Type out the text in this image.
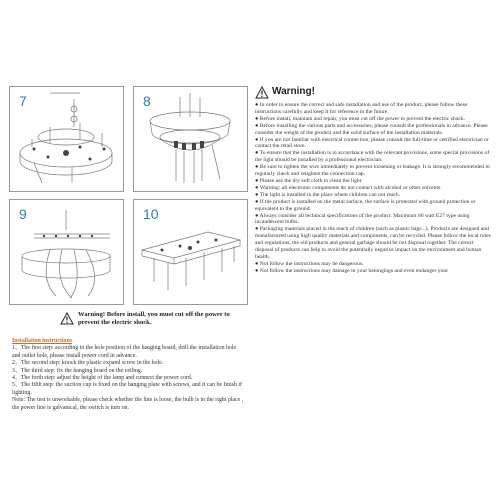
7	8
9	10
Warning! Before install, you must cut off the power to prevent the electric shock.
Installation instructions

1、The first step: according to the hole position of the hanging board, drill the installation hole and outlet hole, please install power cord in advance.

2、The second step: knock the plastic expand screw in the hole.

3、The third step: fix the hanging board on the ceiling.

4、The forth step: adjust the height of the lamp and connect the power cord.

5、The fifth step: the suction cup is fixed on the hanging plate with screws, and it can be finish if lighting.

Note: The test is unworkable, please check whether the line is loose, the bulb is in the right place , the power line is galvanical, the switch is turn on.

Warning!

● In order to ensure the correct and safe installation and use of the product, please follow these instructions carefully and keep it for reference in the future.

● Before install, maintain and repair, you must cut off the power to prevent the electric shock.

● Before installing the various parts and accessories, please consult the professionals in advance. Please consider the weight of the product and the solid surface of the installation materials.

● If you are not familiar with electrical connection, please consult the full-time or certified electrician or contact the retail store.

● To ensure that the installation is in accordance with the relevant provisions, some special provisions of the light should be installed by a professional electrician.

● Be sure to tighten the wire immediately to prevent loosening or leakage. It is strongly recommended to regularly check and retighten the connection cap.

● Please use the dry soft cloth to clean the light.

● Warning: all electronic components do not contact with alcohol or other solvents.

● The light is installed in the place where children can not reach.

● If the product is installed on the metal surface, the surface is protected with ground protection or equivalent to the ground.

● Always consider all technical specifications of the product. Maximum 60 watt E27 type using incandescent bulbs.

● Packaging materials placed in the reach of children (such as plastic bags...), Products are designed and manufactured using high quality materials and components, can be recycled. Please follow the local rules and regulations, the old products and general garbage should be not disposal together. The correct disposal of products can help to avoid the potentially negative impact on the environment and human health.

● Not follow the instructions may be dangerous.

● Not follow the instructions may damage in your belongings and even endanger your
